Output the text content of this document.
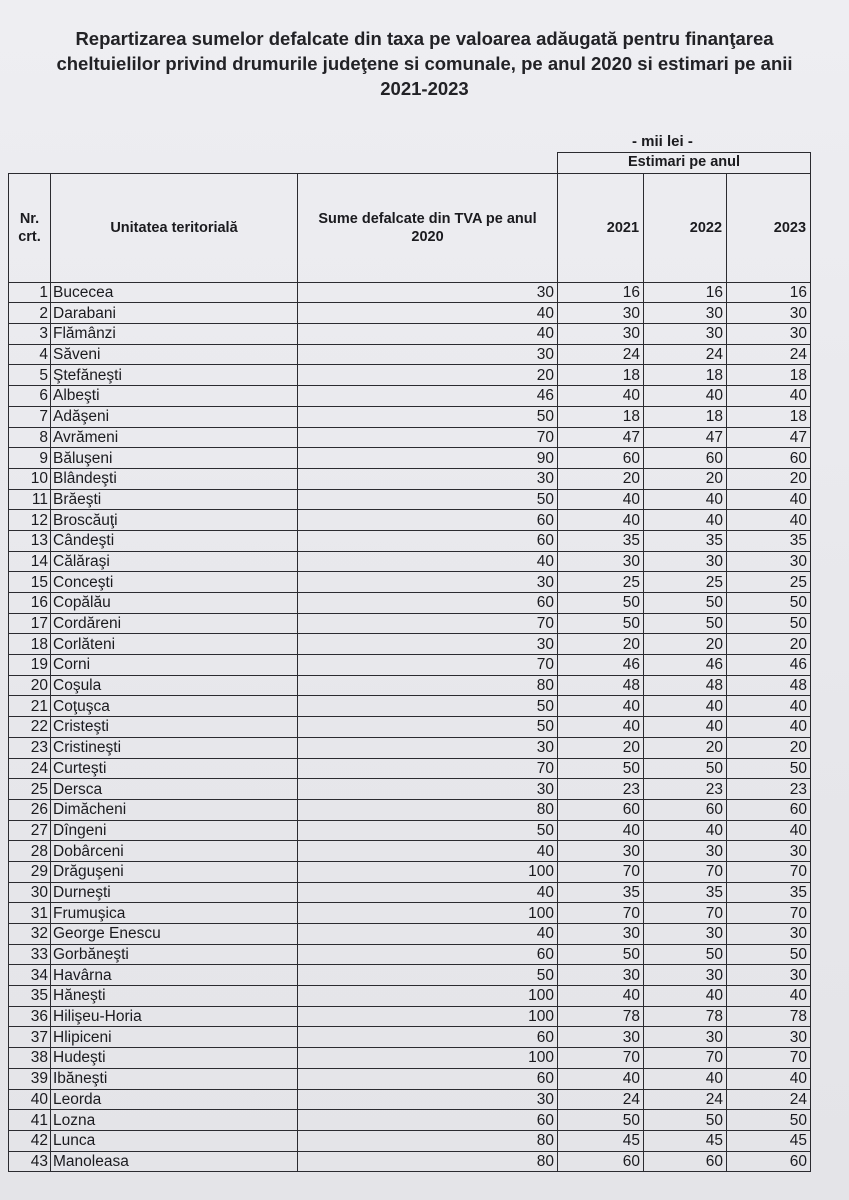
Repartizarea sumelor defalcate din taxa pe valoarea adăugată pentru finanţarea
cheltuielilor privind drumurile judeţene si comunale, pe anul 2020 si estimari pe anii
2021-2023
- mii lei -
			Estimari pe anul		
Nr. crt.	Unitatea teritorială	Sume defalcate din TVA pe anul 2020	2021	2022	2023
1	Bucecea	30	16	16	16
2	Darabani	40	30	30	30
3	Flămânzi	40	30	30	30
4	Săveni	30	24	24	24
5	Ştefăneşti	20	18	18	18
6	Albeşti	46	40	40	40
7	Adăşeni	50	18	18	18
8	Avrămeni	70	47	47	47
9	Băluşeni	90	60	60	60
10	Blândeşti	30	20	20	20
11	Brăeşti	50	40	40	40
12	Broscăuţi	60	40	40	40
13	Cândeşti	60	35	35	35
14	Călăraşi	40	30	30	30
15	Conceşti	30	25	25	25
16	Copălău	60	50	50	50
17	Cordăreni	70	50	50	50
18	Corlăteni	30	20	20	20
19	Corni	70	46	46	46
20	Coşula	80	48	48	48
21	Coţuşca	50	40	40	40
22	Cristeşti	50	40	40	40
23	Cristineşti	30	20	20	20
24	Curteşti	70	50	50	50
25	Dersca	30	23	23	23
26	Dimăcheni	80	60	60	60
27	Dîngeni	50	40	40	40
28	Dobârceni	40	30	30	30
29	Drăguşeni	100	70	70	70
30	Durneşti	40	35	35	35
31	Frumuşica	100	70	70	70
32	George Enescu	40	30	30	30
33	Gorbăneşti	60	50	50	50
34	Havârna	50	30	30	30
35	Hăneşti	100	40	40	40
36	Hilişeu-Horia	100	78	78	78
37	Hlipiceni	60	30	30	30
38	Hudeşti	100	70	70	70
39	Ibăneşti	60	40	40	40
40	Leorda	30	24	24	24
41	Lozna	60	50	50	50
42	Lunca	80	45	45	45
43	Manoleasa	80	60	60	60
